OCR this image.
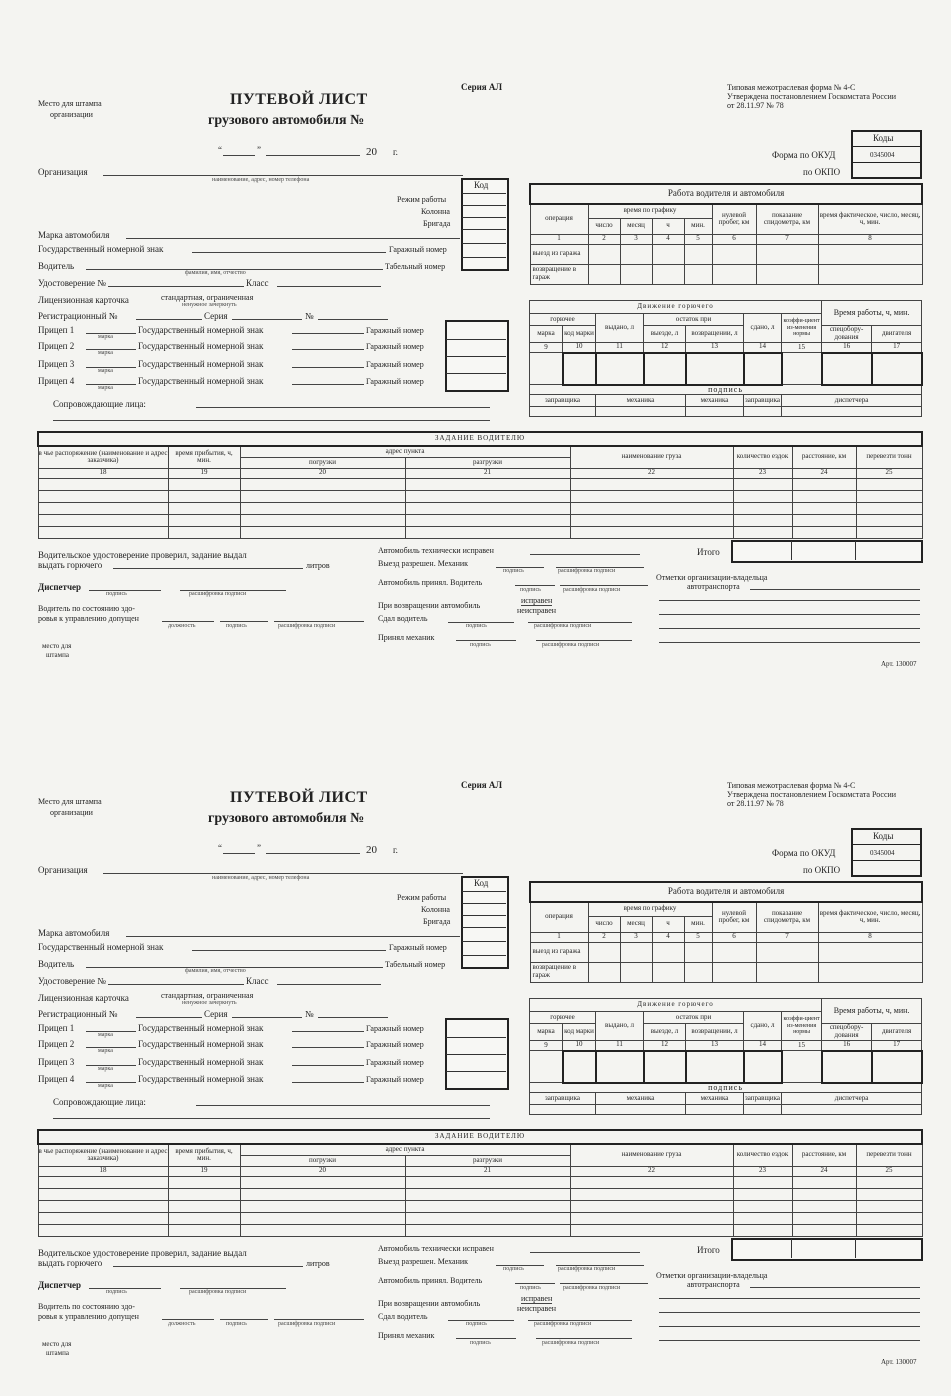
Место для штампа
организации
ПУТЕВОЙ ЛИСТ
грузового автомобиля №
Серия АЛ	Типовая межотраслевая форма № 4-С
Утверждена постановлением Госкомстата России
от 28.11.97 № 78
“	”	20 г.
Коды
0345004
Форма по ОКУД
по ОКПО
Организация
наименование, адрес, номер телефона	Код
Режим работы
Колонна
Бригада
Марка автомобиля
Государственный номерной знак	Гаражный номер
Водитель
фамилия, имя, отчество
Табельный номер
Удостоверение №	Класс
Лицензионная карточка	стандартная, ограниченная
ненужное зачеркнуть
Регистрационный №	Серия	№
Прицеп 1
марка
Государственный номерной знак	Гаражный номер
Прицеп 2
марка
Государственный номерной знак	Гаражный номер
Прицеп 3
марка
Государственный номерной знак	Гаражный номер
Прицеп 4
марка
Государственный номерной знак	Гаражный номер
Сопровождающие лица:
Работа водителя и автомобиля							
операция	время по графику				нулевой пробег, км	показание спидометра, км	время фактическое, число, месяц, ч, мин.
	число	месяц	ч	мин.			
1	2	3	4	5	6	7	8
выезд из гаража							
возвращение в гараж							
Движение горючего							Время работы, ч, мин.	
горючее		выдано, л	остаток при		сдано, л	коэффи-циент из-менения нормы		
марка	код марки		выезде, л	возвращении, л			спецобору-дования	двигателя
9	10	11	12	13	14	15	16	17

подпись								
заправщика		механика		механика	заправщика	диспетчера		

ЗАДАНИЕ ВОДИТЕЛЮ							
в чье распоряжение (наименование и адрес заказчика)	время прибытия, ч, мин.	адрес пункта		наименование груза	количество ездок	расстояние, км	перевезти тонн
		погрузки	разгрузки				
18	19	20	21	22	23	24	25

Итого
Водительское удостоверение проверил, задание выдал
выдать горючего	литров
Диспетчер
подпись	расшифровка подписи
Водитель по состоянию здо-
ровья к управлению допущен
должность	подпись	расшифровка подписи
место для
штампа
Автомобиль технически исправен
Выезд разрешен. Механик
подпись	расшифровка подписи
Автомобиль принял. Водитель
подпись	расшифровка подписи
При возвращении автомобиль
исправен
неисправен
Сдал водитель
подпись	расшифровка подписи
Принял механик
подпись	расшифровка подписи
Отметки организации-владельца
автотранспорта
Арт. 130007
Место для штампа
организации
ПУТЕВОЙ ЛИСТ
грузового автомобиля №
Серия АЛ	Типовая межотраслевая форма № 4-С
Утверждена постановлением Госкомстата России
от 28.11.97 № 78
“	”	20 г.
Коды
0345004
Форма по ОКУД
по ОКПО
Организация
наименование, адрес, номер телефона	Код
Режим работы
Колонна
Бригада
Марка автомобиля
Государственный номерной знак	Гаражный номер
Водитель
фамилия, имя, отчество
Табельный номер
Удостоверение №	Класс
Лицензионная карточка	стандартная, ограниченная
ненужное зачеркнуть
Регистрационный №	Серия	№
Прицеп 1
марка
Государственный номерной знак	Гаражный номер
Прицеп 2
марка
Государственный номерной знак	Гаражный номер
Прицеп 3
марка
Государственный номерной знак	Гаражный номер
Прицеп 4
марка
Государственный номерной знак	Гаражный номер
Сопровождающие лица:
Работа водителя и автомобиля							
операция	время по графику				нулевой пробег, км	показание спидометра, км	время фактическое, число, месяц, ч, мин.
	число	месяц	ч	мин.			
1	2	3	4	5	6	7	8
выезд из гаража							
возвращение в гараж							
Движение горючего							Время работы, ч, мин.	
горючее		выдано, л	остаток при		сдано, л	коэффи-циент из-менения нормы		
марка	код марки		выезде, л	возвращении, л			спецобору-дования	двигателя
9	10	11	12	13	14	15	16	17

подпись								
заправщика		механика		механика	заправщика	диспетчера		

ЗАДАНИЕ ВОДИТЕЛЮ							
в чье распоряжение (наименование и адрес заказчика)	время прибытия, ч, мин.	адрес пункта		наименование груза	количество ездок	расстояние, км	перевезти тонн
		погрузки	разгрузки				
18	19	20	21	22	23	24	25

Итого
Водительское удостоверение проверил, задание выдал
выдать горючего	литров
Диспетчер
подпись	расшифровка подписи
Водитель по состоянию здо-
ровья к управлению допущен
должность	подпись	расшифровка подписи
место для
штампа
Автомобиль технически исправен
Выезд разрешен. Механик
подпись	расшифровка подписи
Автомобиль принял. Водитель
подпись	расшифровка подписи
При возвращении автомобиль
исправен
неисправен
Сдал водитель
подпись	расшифровка подписи
Принял механик
подпись	расшифровка подписи
Отметки организации-владельца
автотранспорта
Арт. 130007
